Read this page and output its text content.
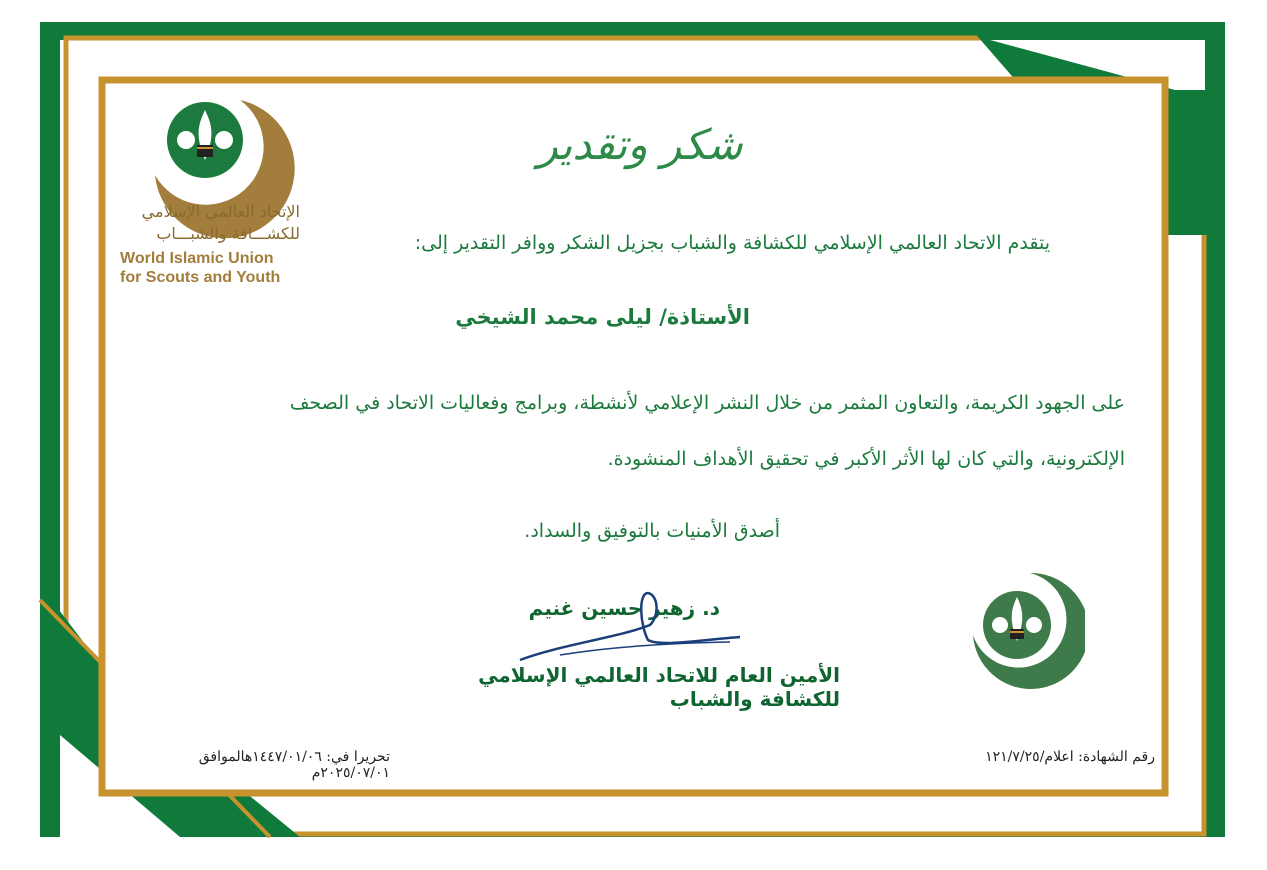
الإتحاد العالمي الإسلامي
للكشـــافة والشبـــاب
World Islamic Union
for Scouts and Youth
شكر وتقدير
يتقدم الاتحاد العالمي الإسلامي للكشافة والشباب بجزيل الشكر ووافر التقدير إلى:
الأستاذة/ ليلى محمد الشيخي
على الجهود الكريمة، والتعاون المثمر من خلال النشر الإعلامي لأنشطة، وبرامج وفعاليات الاتحاد في الصحف
الإلكترونية، والتي كان لها الأثر الأكبر في تحقيق الأهداف المنشودة.
أصدق الأمنيات بالتوفيق والسداد.
د. زهير حسين غنيم
الأمين العام للاتحاد العالمي الإسلامي للكشافة والشباب
رقم الشهادة: اعلام/١٢١/٧/٢٥
تحريرا في: ١٤٤٧/٠١/٠٦هالموافق ٢٠٢٥/٠٧/٠١م
